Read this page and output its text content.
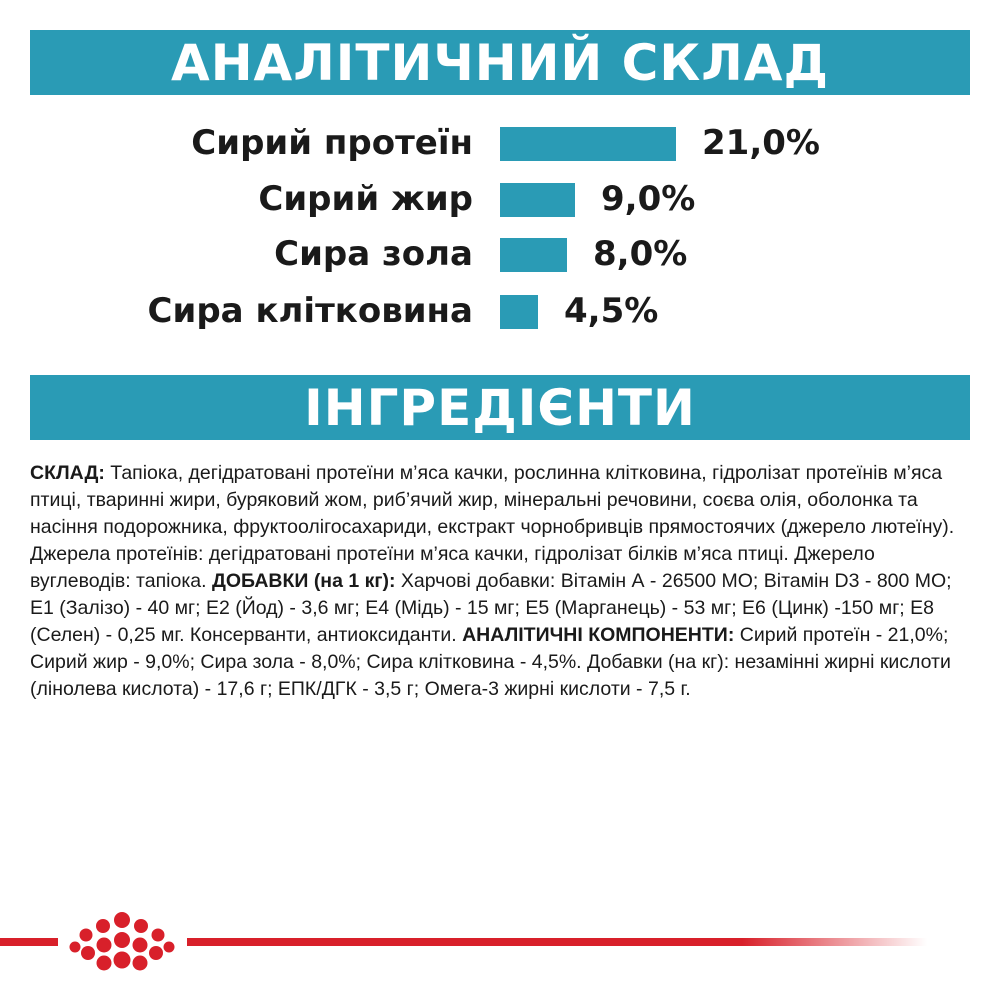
АНАЛІТИЧНИЙ СКЛАД
Сирий протеїн	21,0%
Сирий жир	9,0%
Сира зола	8,0%
Сира клітковина	4,5%
ІНГРЕДІЄНТИ

СКЛАД: Тапіока, дегідратовані протеїни м’яса качки, рослинна клітковина, гідролізат протеїнів м’яса птиці, тваринні жири, буряковий жом, риб’ячий жир, мінеральні речовини, соєва олія, оболонка та насіння подорожника, фруктоолігосахариди, екстракт чорнобривців прямостоячих (джерело лютеїну). Джерела протеїнів: дегідратовані протеїни м’яса качки, гідролізат білків м’яса птиці. Джерело вуглеводів: тапіока. ДОБАВКИ (на 1 кг): Харчові добавки: Вітамін А - 26500 МО; Вітамін D3 - 800 МО; E1 (Залізо) - 40 мг; E2 (Йод) - 3,6 мг; E4 (Мідь) - 15 мг; E5 (Марганець) - 53 мг; E6 (Цинк) -150 мг; E8 (Селен) - 0,25 мг. Консерванти, антиоксиданти. АНАЛІТИЧНІ КОМПОНЕНТИ: Сирий протеїн - 21,0%; Сирий жир - 9,0%; Сира зола - 8,0%; Сира клітковина - 4,5%. Добавки (на кг): незамінні жирні кислоти (лінолева кислота) - 17,6 г; ЕПК/ДГК - 3,5 г; Омега-3 жирні кислоти - 7,5 г.
